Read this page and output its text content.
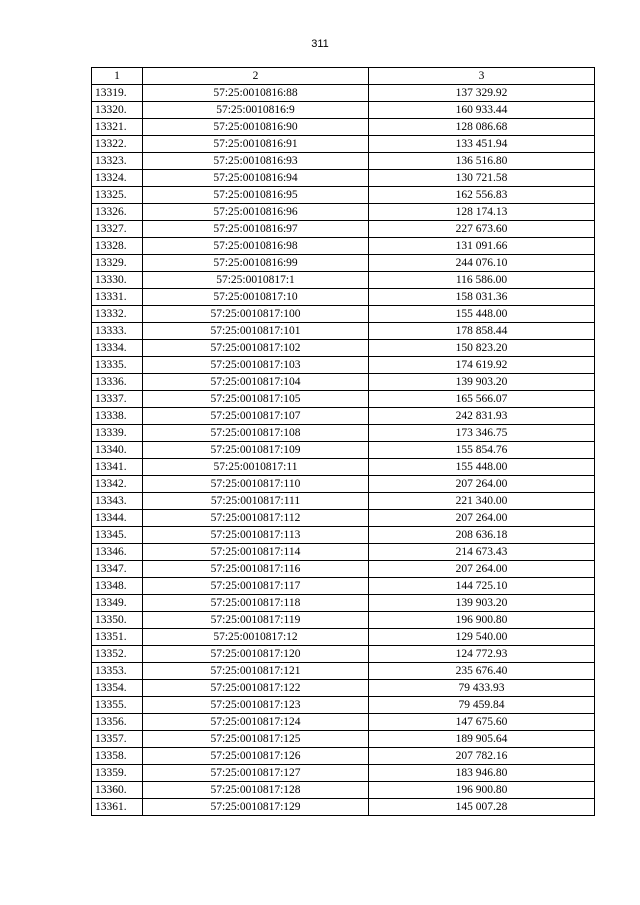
311
1	2	3
13319.	57:25:0010816:88	137 329.92
13320.	57:25:0010816:9	160 933.44
13321.	57:25:0010816:90	128 086.68
13322.	57:25:0010816:91	133 451.94
13323.	57:25:0010816:93	136 516.80
13324.	57:25:0010816:94	130 721.58
13325.	57:25:0010816:95	162 556.83
13326.	57:25:0010816:96	128 174.13
13327.	57:25:0010816:97	227 673.60
13328.	57:25:0010816:98	131 091.66
13329.	57:25:0010816:99	244 076.10
13330.	57:25:0010817:1	116 586.00
13331.	57:25:0010817:10	158 031.36
13332.	57:25:0010817:100	155 448.00
13333.	57:25:0010817:101	178 858.44
13334.	57:25:0010817:102	150 823.20
13335.	57:25:0010817:103	174 619.92
13336.	57:25:0010817:104	139 903.20
13337.	57:25:0010817:105	165 566.07
13338.	57:25:0010817:107	242 831.93
13339.	57:25:0010817:108	173 346.75
13340.	57:25:0010817:109	155 854.76
13341.	57:25:0010817:11	155 448.00
13342.	57:25:0010817:110	207 264.00
13343.	57:25:0010817:111	221 340.00
13344.	57:25:0010817:112	207 264.00
13345.	57:25:0010817:113	208 636.18
13346.	57:25:0010817:114	214 673.43
13347.	57:25:0010817:116	207 264.00
13348.	57:25:0010817:117	144 725.10
13349.	57:25:0010817:118	139 903.20
13350.	57:25:0010817:119	196 900.80
13351.	57:25:0010817:12	129 540.00
13352.	57:25:0010817:120	124 772.93
13353.	57:25:0010817:121	235 676.40
13354.	57:25:0010817:122	79 433.93
13355.	57:25:0010817:123	79 459.84
13356.	57:25:0010817:124	147 675.60
13357.	57:25:0010817:125	189 905.64
13358.	57:25:0010817:126	207 782.16
13359.	57:25:0010817:127	183 946.80
13360.	57:25:0010817:128	196 900.80
13361.	57:25:0010817:129	145 007.28
